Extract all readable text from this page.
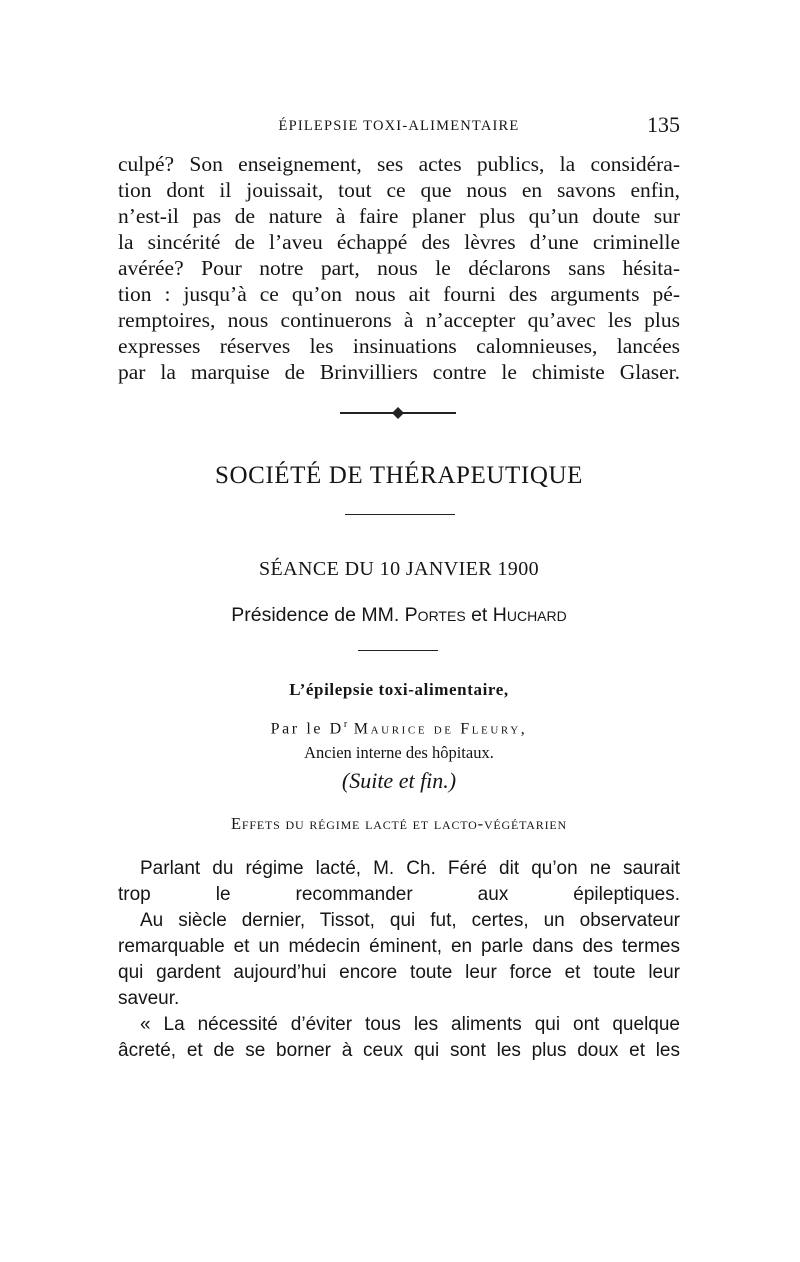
ÉPILEPSIE TOXI-ALIMENTAIRE	135
culpé? Son enseignement, ses actes publics, la considéra-
tion dont il jouissait, tout ce que nous en savons enfin,
n’est-il pas de nature à faire planer plus qu’un doute sur
la sincérité de l’aveu échappé des lèvres d’une criminelle
avérée? Pour notre part, nous le déclarons sans hésita-
tion : jusqu’à ce qu’on nous ait fourni des arguments pé-
remptoires, nous continuerons à n’accepter qu’avec les plus
expresses réserves les insinuations calomnieuses, lancées
par la marquise de Brinvilliers contre le chimiste Glaser.
SOCIÉTÉ DE THÉRAPEUTIQUE
SÉANCE DU 10 JANVIER 1900
Présidence de MM. Portes et Huchard
L’épilepsie toxi-alimentaire,
Par le $D^r$ Maurice de Fleury,
Ancien interne des hôpitaux.
(Suite et fin.)
Effets du régime lacté et lacto-végétarien
Parlant du régime lacté, M. Ch. Féré dit qu’on ne saurait
trop le recommander aux épileptiques.
Au siècle dernier, Tissot, qui fut, certes, un observateur
remarquable et un médecin éminent, en parle dans des termes
qui gardent aujourd’hui encore toute leur force et toute leur
saveur.
« La nécessité d’éviter tous les aliments qui ont quelque
âcreté, et de se borner à ceux qui sont les plus doux et les
